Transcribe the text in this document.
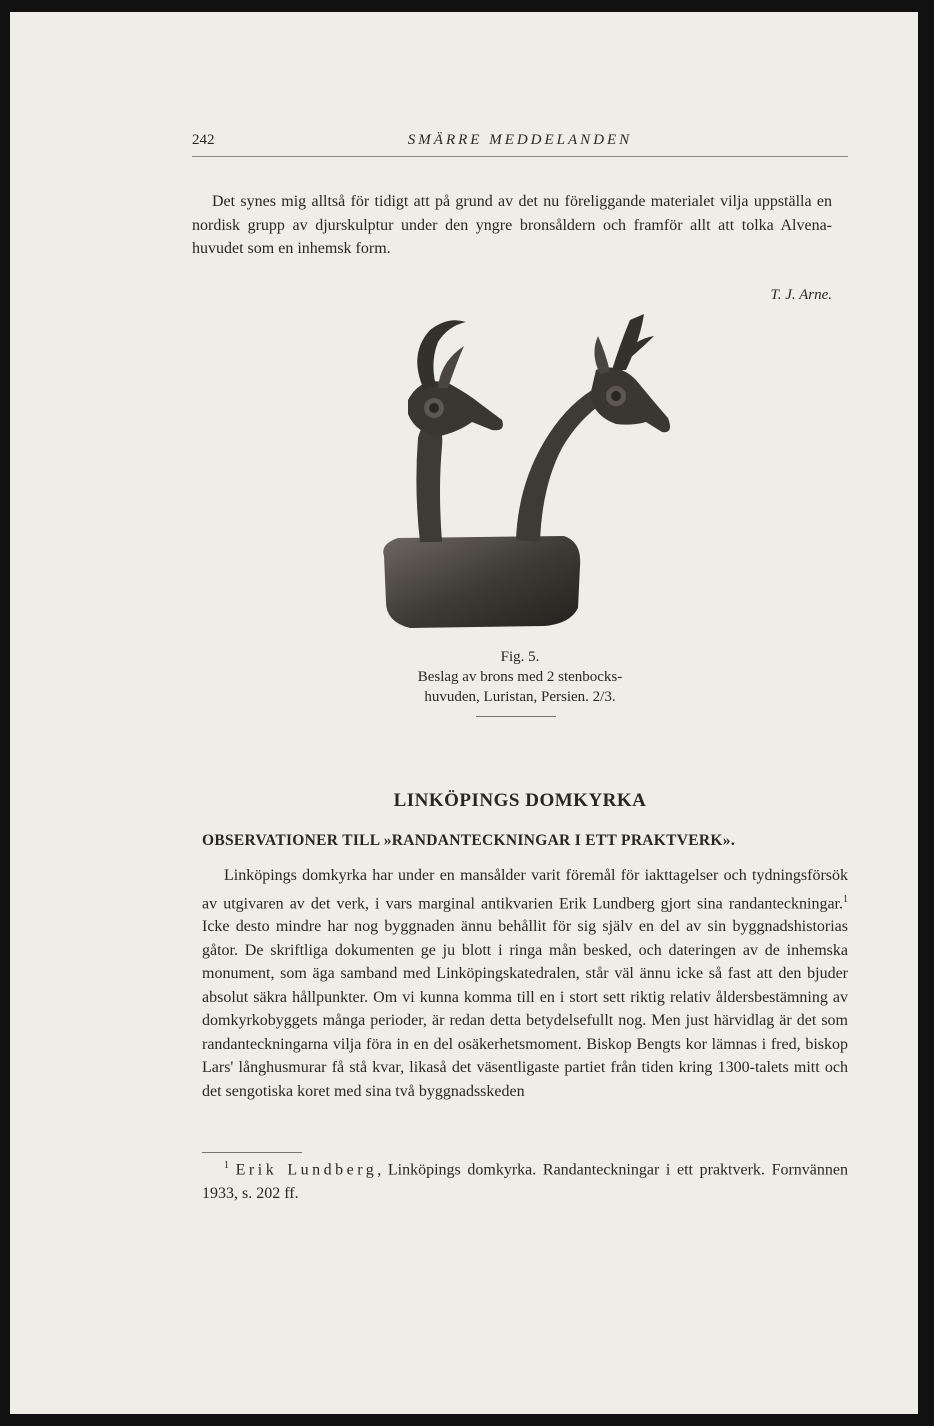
242	SMÄRRE MEDDELANDEN

Det synes mig alltså för tidigt att på grund av det nu föreliggande materialet vilja uppställa en nordisk grupp av djurskulptur under den yngre bronsåldern och framför allt att tolka Alvena-huvudet som en inhemsk form.

T. J. Arne.
Fig. 5.
Beslag av brons med 2 stenbocks-
huvuden, Luristan, Persien. 2/3.
LINKÖPINGS DOMKYRKA
OBSERVATIONER TILL »RANDANTECKNINGAR I ETT PRAKTVERK».

Linköpings domkyrka har under en mansålder varit föremål för iakttagelser och tydningsförsök av utgivaren av det verk, i vars marginal antikvarien Erik Lundberg gjort sina randanteckningar.$^1$ Icke desto mindre har nog byggnaden ännu behållit för sig själv en del av sin byggnadshistorias gåtor. De skriftliga dokumenten ge ju blott i ringa mån besked, och dateringen av de inhemska monument, som äga samband med Linköpingskatedralen, står väl ännu icke så fast att den bjuder absolut säkra hållpunkter. Om vi kunna komma till en i stort sett riktig relativ åldersbestämning av domkyrkobyggets många perioder, är redan detta betydelsefullt nog. Men just härvidlag är det som randanteckningarna vilja föra in en del osäkerhetsmoment. Biskop Bengts kor lämnas i fred, biskop Lars' långhusmurar få stå kvar, likaså det väsentligaste partiet från tiden kring 1300-talets mitt och det sengotiska koret med sina två byggnadsskeden

$^1$ Erik Lundberg, Linköpings domkyrka. Randanteckningar i ett praktverk. Fornvännen 1933, s. 202 ff.
